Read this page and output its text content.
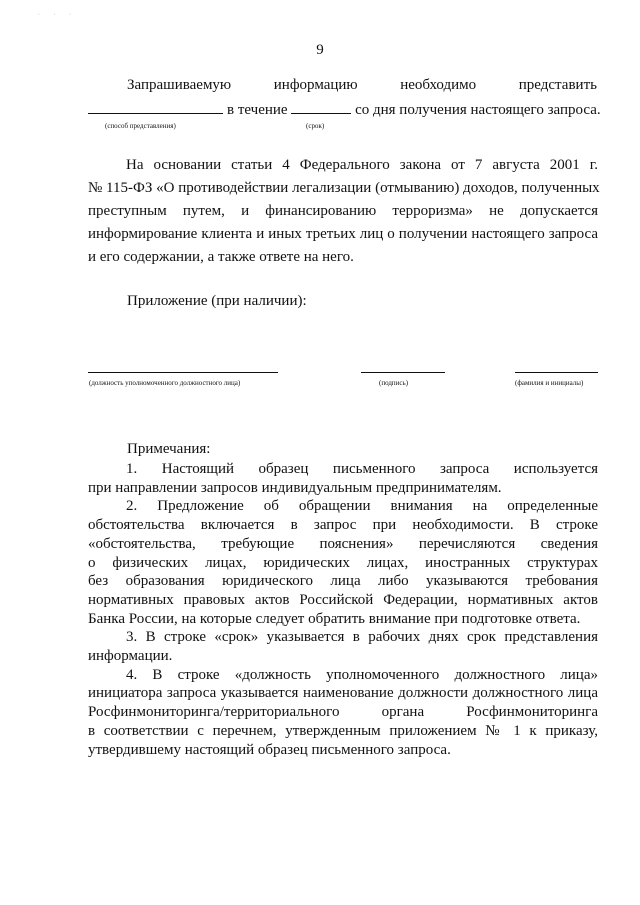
· · ·
9
Запрашиваемую	информацию	необходимо	представить
в течение	со дня получения настоящего запроса.
(способ представления)	(срок)
На основании статьи 4 Федерального закона от 7 августа 2001 г.
№ 115-ФЗ «О противодействии легализации (отмыванию) доходов, полученных
преступным путем, и финансированию терроризма» не допускается
информирование клиента и иных третьих лиц о получении настоящего запроса
и его содержании, а также ответе на него.
Приложение (при наличии):
(должность уполномоченного должностного лица)	(подпись)	(фамилия и инициалы)
Примечания:
1. Настоящий образец письменного запроса используется
при направлении запросов индивидуальным предпринимателям.
2. Предложение об обращении внимания на определенные
обстоятельства включается в запрос при необходимости. В строке
«обстоятельства, требующие пояснения» перечисляются сведения
о физических лицах, юридических лицах, иностранных структурах
без образования юридического лица либо указываются требования
нормативных правовых актов Российской Федерации, нормативных актов
Банка России, на которые следует обратить внимание при подготовке ответа.
3. В строке «срок» указывается в рабочих днях срок представления
информации.
4. В строке «должность уполномоченного должностного лица»
инициатора запроса указывается наименование должности должностного лица
Росфинмониторинга/территориального органа Росфинмониторинга
в соответствии с перечнем, утвержденным приложением № 1 к приказу,
утвердившему настоящий образец письменного запроса.
